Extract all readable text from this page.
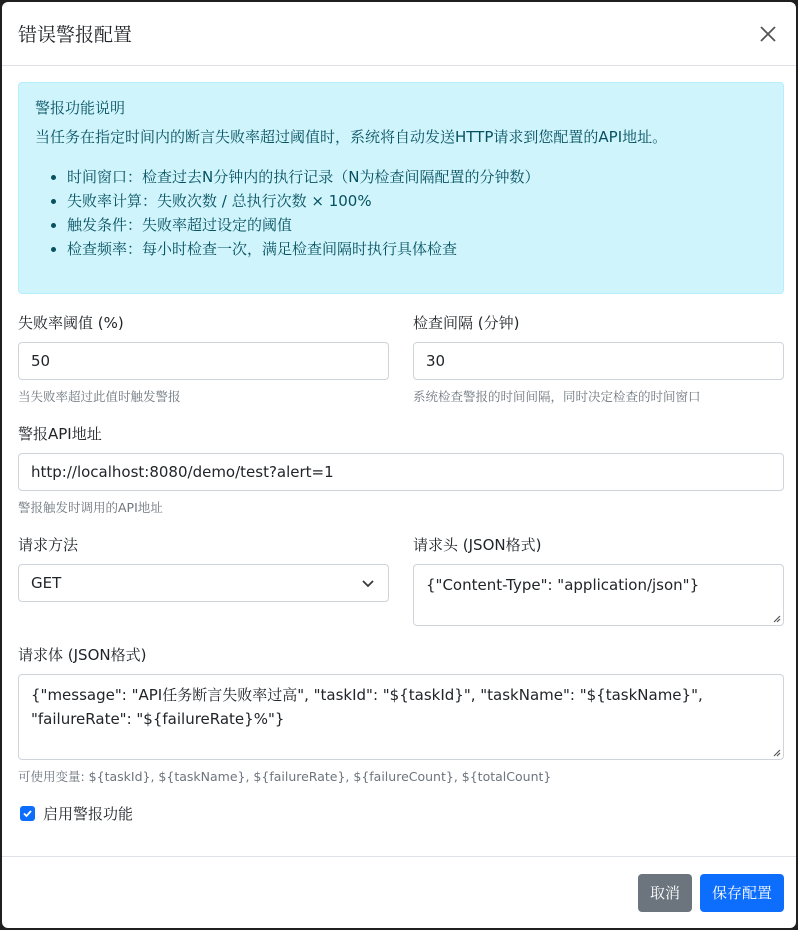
错误警报配置
警报功能说明
当任务在指定时间内的断言失败率超过阈值时，系统将自动发送HTTP请求到您配置的API地址。
• 时间窗口：检查过去N分钟内的执行记录（N为检查间隔配置的分钟数）
• 失败率计算：失败次数 / 总执行次数 × 100%
• 触发条件：失败率超过设定的阈值
• 检查频率：每小时检查一次，满足检查间隔时执行具体检查
失败率阈值 (%)
50
当失败率超过此值时触发警报
检查间隔 (分钟)
30
系统检查警报的时间间隔，同时决定检查的时间窗口
警报API地址
http://localhost:8080/demo/test?alert=1
警报触发时调用的API地址
请求方法
GET
请求头 (JSON格式)
{"Content-Type": "application/json"}
请求体 (JSON格式)
{"message": "API任务断言失败率过高", "taskId": "${taskId}", "taskName": "${taskName}", "failureRate": "${failureRate}%"}
可使用变量: ${taskId}, ${taskName}, ${failureRate}, ${failureCount}, ${totalCount}
启用警报功能
取消	保存配置
